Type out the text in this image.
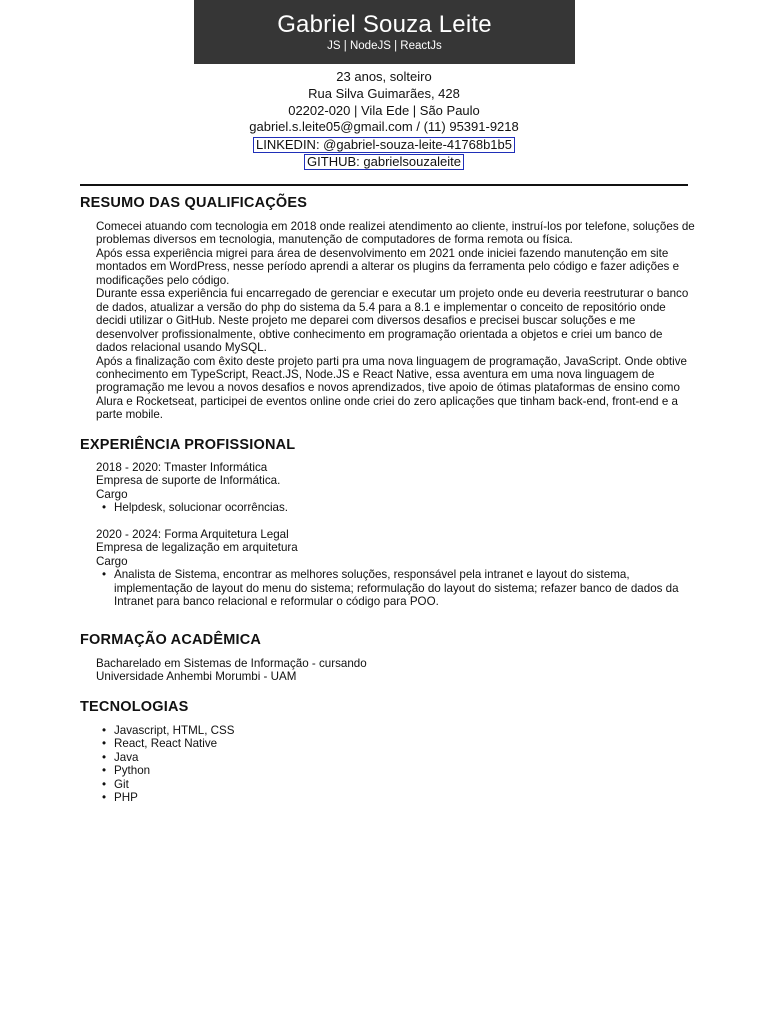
Gabriel Souza Leite
JS | NodeJS | ReactJs
23 anos, solteiro
Rua Silva Guimarães, 428
02202-020 | Vila Ede | São Paulo
gabriel.s.leite05@gmail.com / (11) 95391-9218
LINKEDIN: @gabriel-souza-leite-41768b1b5
GITHUB: gabrielsouzaleite
RESUMO DAS QUALIFICAÇÕES

Comecei atuando com tecnologia em 2018 onde realizei atendimento ao cliente, instruí-los por telefone, soluções de problemas diversos em tecnologia, manutenção de computadores de forma remota ou física.

Após essa experiência migrei para área de desenvolvimento em 2021 onde iniciei fazendo manutenção em site montados em WordPress, nesse período aprendi a alterar os plugins da ferramenta pelo código e fazer adições e modificações pelo código.

Durante essa experiência fui encarregado de gerenciar e executar um projeto onde eu deveria reestruturar o banco de dados, atualizar a versão do php do sistema da 5.4 para a 8.1 e implementar o conceito de repositório onde decidi utilizar o GitHub. Neste projeto me deparei com diversos desafios e precisei buscar soluções e me desenvolver profissionalmente, obtive conhecimento em programação orientada a objetos e criei um banco de dados relacional usando MySQL.

Após a finalização com êxito deste projeto parti pra uma nova linguagem de programação, JavaScript. Onde obtive conhecimento em TypeScript, React.JS, Node.JS e React Native, essa aventura em uma nova linguagem de programação me levou a novos desafios e novos aprendizados, tive apoio de ótimas plataformas de ensino como Alura e Rocketseat, participei de eventos online onde criei do zero aplicações que tinham back-end, front-end e a parte mobile.

EXPERIÊNCIA PROFISSIONAL
2018 - 2020: Tmaster Informática
Empresa de suporte de Informática.
Cargo
• Helpdesk, solucionar ocorrências.
2020 - 2024: Forma Arquitetura Legal
Empresa de legalização em arquitetura
Cargo
• Analista de Sistema, encontrar as melhores soluções, responsável pela intranet e layout do sistema, implementação de layout do menu do sistema; reformulação do layout do sistema; refazer banco de dados da Intranet para banco relacional e reformular o código para POO.
FORMAÇÃO ACADÊMICA
Bacharelado em Sistemas de Informação - cursando
Universidade Anhembi Morumbi - UAM
TECNOLOGIAS
• Javascript, HTML, CSS
• React, React Native
• Java
• Python
• Git
• PHP
